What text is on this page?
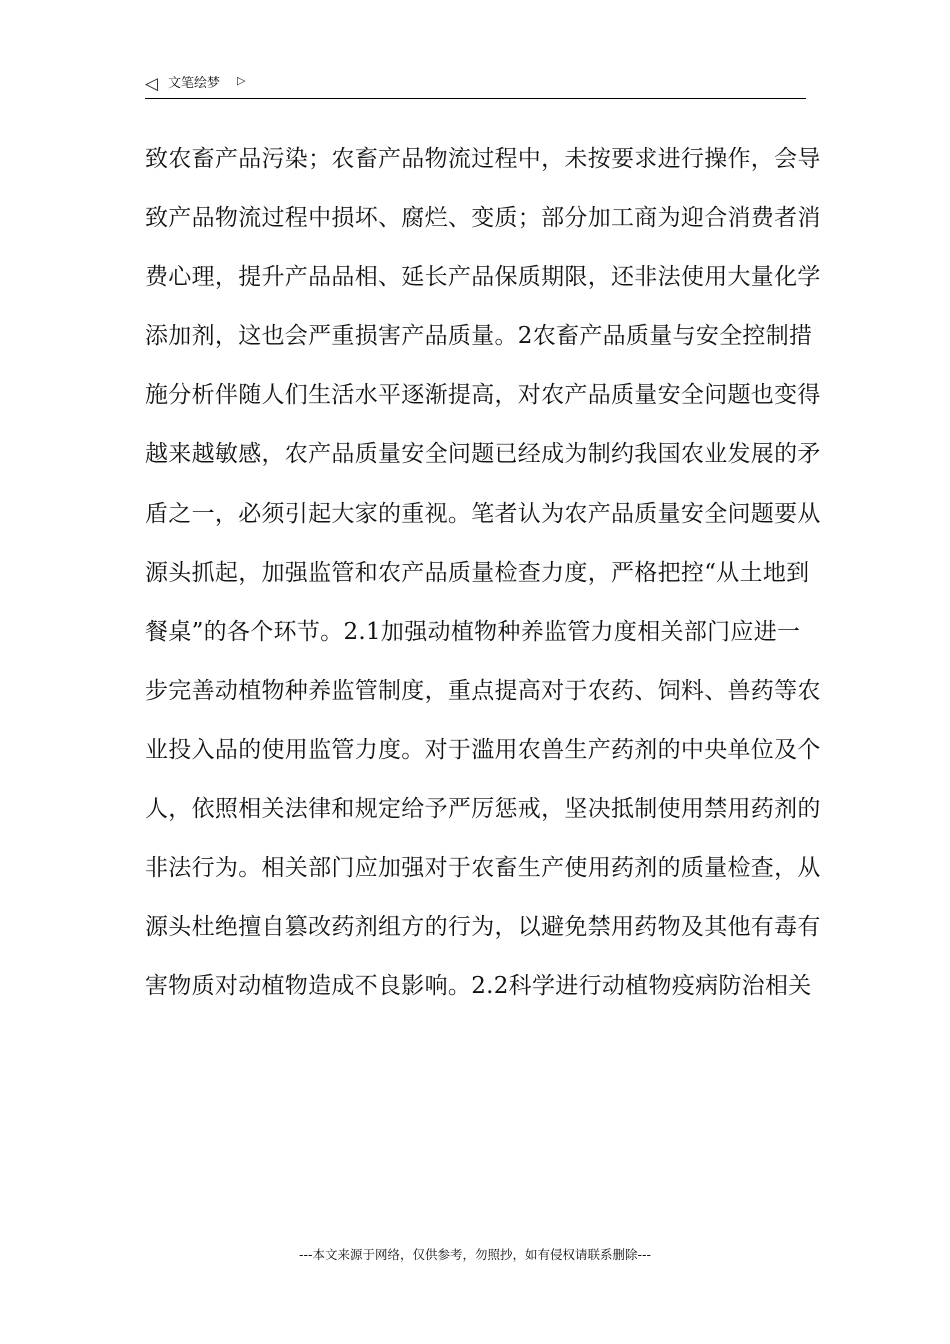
◁ 文笔绘梦 ▷
致农畜产品污染；农畜产品物流过程中，未按要求进行操作，会导
致产品物流过程中损坏、腐烂、变质；部分加工商为迎合消费者消
费心理，提升产品品相、延长产品保质期限，还非法使用大量化学
添加剂，这也会严重损害产品质量。2农畜产品质量与安全控制措
施分析伴随人们生活水平逐渐提高，对农产品质量安全问题也变得
越来越敏感，农产品质量安全问题已经成为制约我国农业发展的矛
盾之一，必须引起大家的重视。笔者认为农产品质量安全问题要从
源头抓起，加强监管和农产品质量检查力度，严格把控“从土地到
餐桌”的各个环节。2.1加强动植物种养监管力度相关部门应进一
步完善动植物种养监管制度，重点提高对于农药、饲料、兽药等农
业投入品的使用监管力度。对于滥用农兽生产药剂的中央单位及个
人，依照相关法律和规定给予严厉惩戒，坚决抵制使用禁用药剂的
非法行为。相关部门应加强对于农畜生产使用药剂的质量检查，从
源头杜绝擅自篡改药剂组方的行为，以避免禁用药物及其他有毒有
害物质对动植物造成不良影响。2.2科学进行动植物疫病防治相关
---本文来源于网络，仅供参考，勿照抄，如有侵权请联系删除---
